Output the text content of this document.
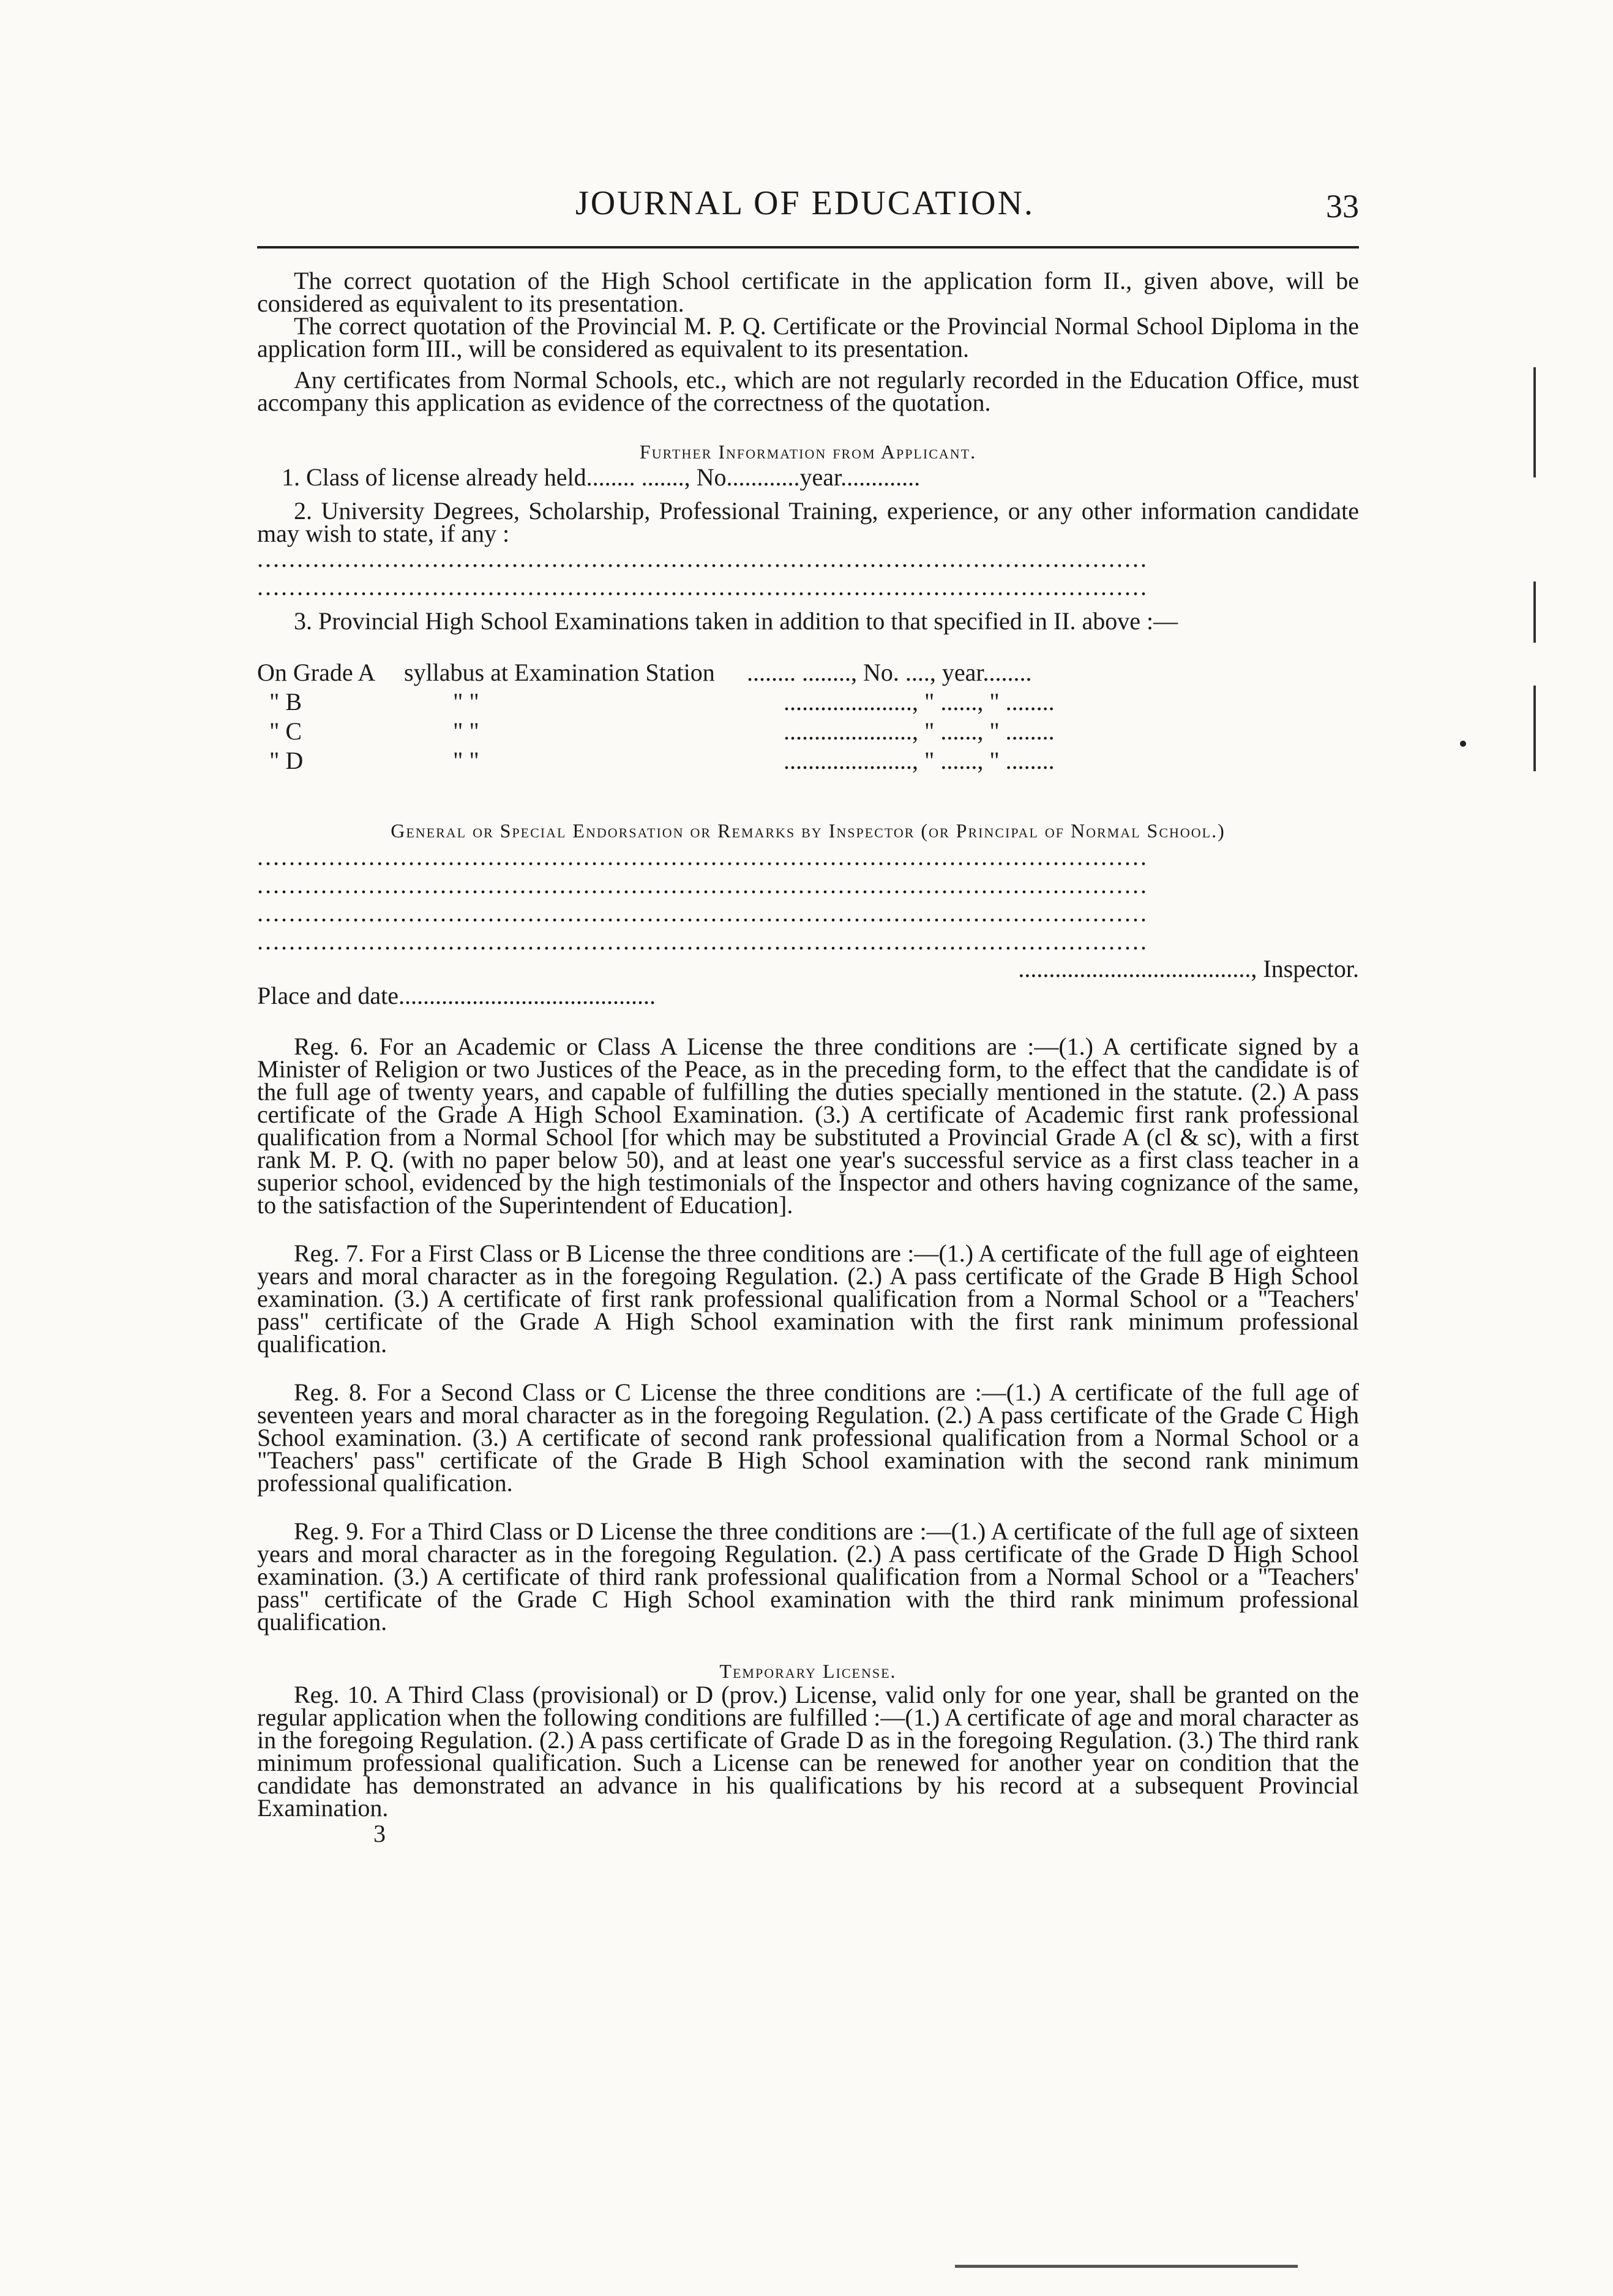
JOURNAL OF EDUCATION.	33

The correct quotation of the High School certificate in the application form II., given above, will be considered as equivalent to its presentation.

The correct quotation of the Provincial M. P. Q. Certificate or the Provincial Normal School Diploma in the application form III., will be considered as equivalent to its presentation.

Any certificates from Normal Schools, etc., which are not regularly recorded in the Education Office, must accompany this application as evidence of the correctness of the quotation.

Further Information from Applicant.
1. Class of license already held........ ......., No............year.............

2. University Degrees, Scholarship, Professional Training, experience, or any other information candidate may wish to state, if any :

................................................................................................................
................................................................................................................

3. Provincial High School Examinations taken in addition to that specified in II. above :—

On Grade A	syllabus at Examination Station	........ ........, No. ...., year........
" B	" "	....................., " ......, " ........
" C	" "	....................., " ......, " ........
" D	" "	....................., " ......, " ........
General or Special Endorsation or Remarks by Inspector (or Principal of Normal School.)
................................................................................................................
................................................................................................................
................................................................................................................
................................................................................................................
......................................, Inspector.
Place and date..........................................

Reg. 6. For an Academic or Class A License the three conditions are :—(1.) A certificate signed by a Minister of Religion or two Justices of the Peace, as in the preceding form, to the effect that the candidate is of the full age of twenty years, and capable of fulfilling the duties specially mentioned in the statute. (2.) A pass certificate of the Grade A High School Examination. (3.) A certificate of Academic first rank professional qualification from a Normal School [for which may be substituted a Provincial Grade A (cl & sc), with a first rank M. P. Q. (with no paper below 50), and at least one year's successful service as a first class teacher in a superior school, evidenced by the high testimonials of the Inspector and others having cognizance of the same, to the satisfaction of the Superintendent of Education].

Reg. 7. For a First Class or B License the three conditions are :—(1.) A certificate of the full age of eighteen years and moral character as in the foregoing Regulation. (2.) A pass certificate of the Grade B High School examination. (3.) A certificate of first rank professional qualification from a Normal School or a "Teachers' pass" certificate of the Grade A High School examination with the first rank minimum professional qualification.

Reg. 8. For a Second Class or C License the three conditions are :—(1.) A certificate of the full age of seventeen years and moral character as in the foregoing Regulation. (2.) A pass certificate of the Grade C High School examination. (3.) A certificate of second rank professional qualification from a Normal School or a "Teachers' pass" certificate of the Grade B High School examination with the second rank minimum professional qualification.

Reg. 9. For a Third Class or D License the three conditions are :—(1.) A certificate of the full age of sixteen years and moral character as in the foregoing Regulation. (2.) A pass certificate of the Grade D High School examination. (3.) A certificate of third rank professional qualification from a Normal School or a "Teachers' pass" certificate of the Grade C High School examination with the third rank minimum professional qualification.

Temporary License.

Reg. 10. A Third Class (provisional) or D (prov.) License, valid only for one year, shall be granted on the regular application when the following conditions are fulfilled :—(1.) A certificate of age and moral character as in the foregoing Regulation. (2.) A pass certificate of Grade D as in the foregoing Regulation. (3.) The third rank minimum professional qualification. Such a License can be renewed for another year on condition that the candidate has demonstrated an advance in his qualifications by his record at a subsequent Provincial Examination.

3
